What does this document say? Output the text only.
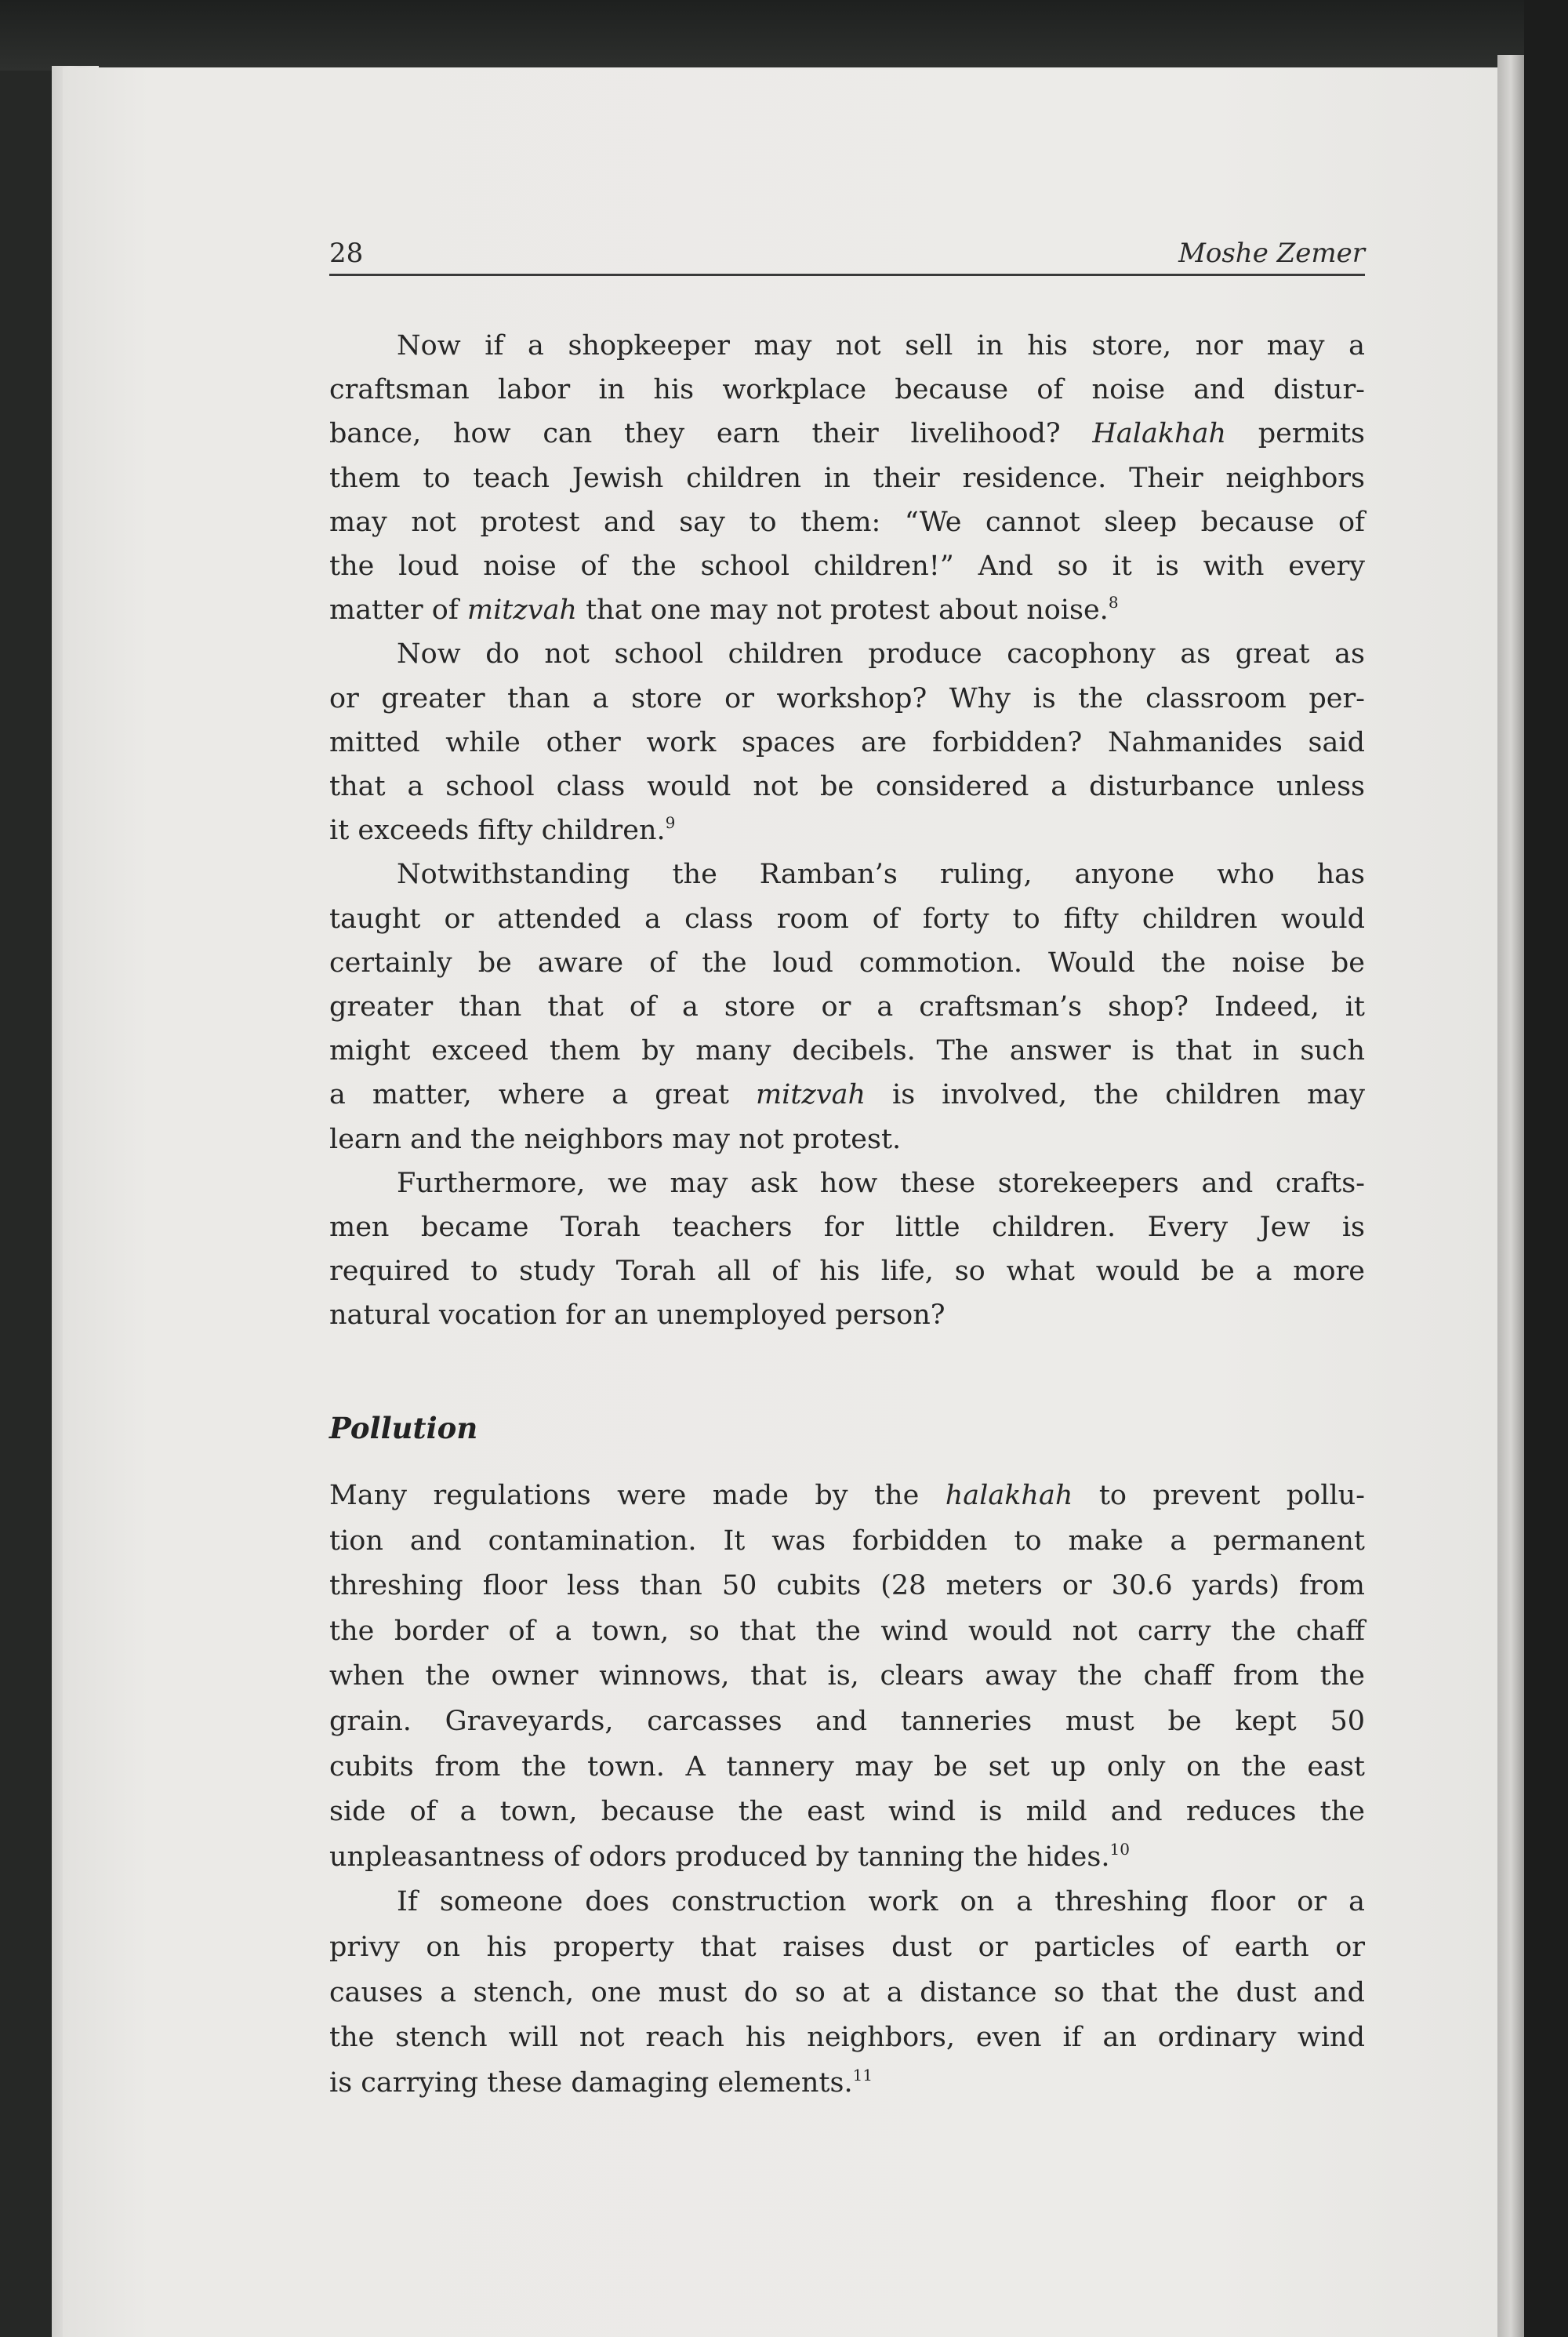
28	Moshe Zemer
Now if a shopkeeper may not sell in his store, nor may a
craftsman labor in his workplace because of noise and distur-
bance, how can they earn their livelihood? Halakhah permits
them to teach Jewish children in their residence. Their neighbors
may not protest and say to them: “We cannot sleep because of
the loud noise of the school children!” And so it is with every
matter of mitzvah that one may not protest about noise.$^8$
Now do not school children produce cacophony as great as
or greater than a store or workshop? Why is the classroom per-
mitted while other work spaces are forbidden? Nahmanides said
that a school class would not be considered a disturbance unless
it exceeds fifty children.$^9$
Notwithstanding the Ramban’s ruling, anyone who has
taught or attended a class room of forty to fifty children would
certainly be aware of the loud commotion. Would the noise be
greater than that of a store or a craftsman’s shop? Indeed, it
might exceed them by many decibels. The answer is that in such
a matter, where a great mitzvah is involved, the children may
learn and the neighbors may not protest.
Furthermore, we may ask how these storekeepers and crafts-
men became Torah teachers for little children. Every Jew is
required to study Torah all of his life, so what would be a more
natural vocation for an unemployed person?
Many regulations were made by the halakhah to prevent pollu-
tion and contamination. It was forbidden to make a permanent
threshing floor less than 50 cubits (28 meters or 30.6 yards) from
the border of a town, so that the wind would not carry the chaff
when the owner winnows, that is, clears away the chaff from the
grain. Graveyards, carcasses and tanneries must be kept 50
cubits from the town. A tannery may be set up only on the east
side of a town, because the east wind is mild and reduces the
unpleasantness of odors produced by tanning the hides.$^{10}$
If someone does construction work on a threshing floor or a
privy on his property that raises dust or particles of earth or
causes a stench, one must do so at a distance so that the dust and
the stench will not reach his neighbors, even if an ordinary wind
is carrying these damaging elements.$^{11}$
Pollution
